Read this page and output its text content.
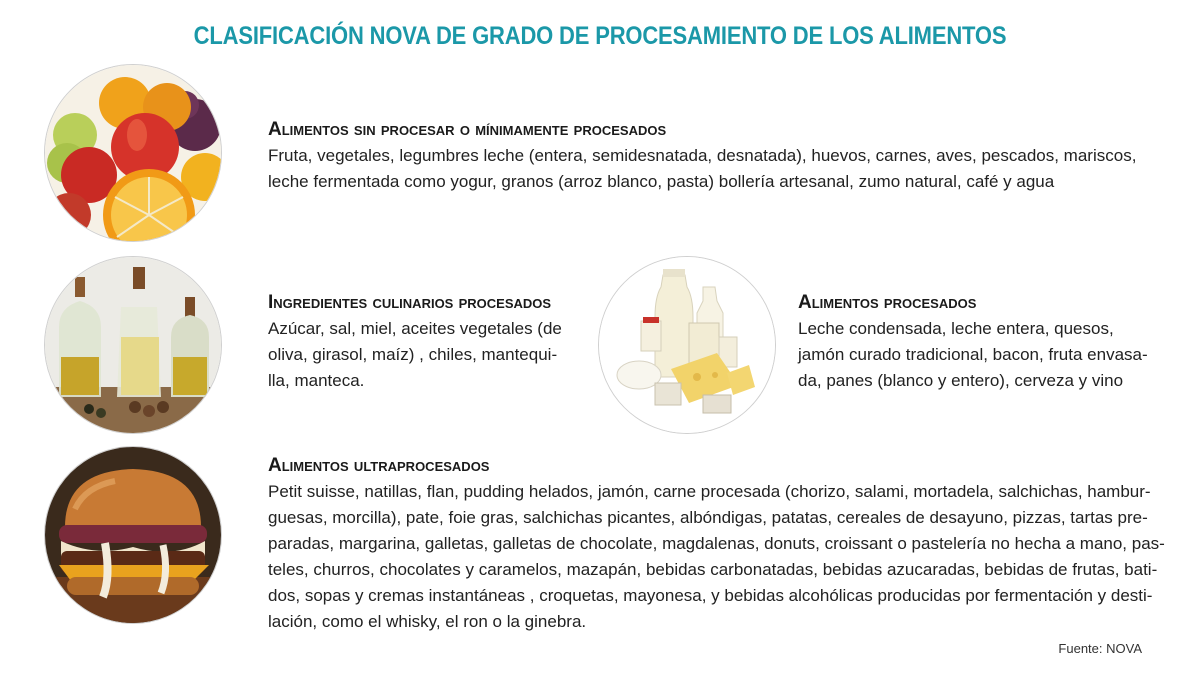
CLASIFICACIÓN NOVA DE GRADO DE PROCESAMIENTO DE LOS ALIMENTOS
Alimentos sin procesar o mínimamente procesados
Fruta, vegetales, legumbres leche (entera, semidesnatada, desnatada), huevos, carnes, aves, pescados, mariscos,
leche fermentada como yogur, granos (arroz blanco, pasta) bollería artesanal, zumo natural, café y agua
Ingredientes culinarios procesados
Azúcar, sal, miel, aceites vegetales (de
oliva, girasol, maíz) , chiles, mantequi-
lla, manteca.
Alimentos procesados
Leche condensada, leche entera, quesos,
jamón curado tradicional, bacon, fruta envasa-
da, panes (blanco y entero), cerveza y vino
Alimentos ultraprocesados
Petit suisse, natillas, flan, pudding helados, jamón, carne procesada (chorizo, salami, mortadela, salchichas, hambur-
guesas, morcilla), pate, foie gras, salchichas picantes, albóndigas, patatas, cereales de desayuno, pizzas, tartas pre-
paradas, margarina, galletas, galletas de chocolate, magdalenas, donuts, croissant o pastelería no hecha a mano, pas-
teles, churros, chocolates y caramelos, mazapán, bebidas carbonatadas, bebidas azucaradas, bebidas de frutas, bati-
dos, sopas y cremas instantáneas , croquetas, mayonesa, y bebidas alcohólicas producidas por fermentación y desti-
lación, como el whisky, el ron o la ginebra.
Fuente: NOVA
